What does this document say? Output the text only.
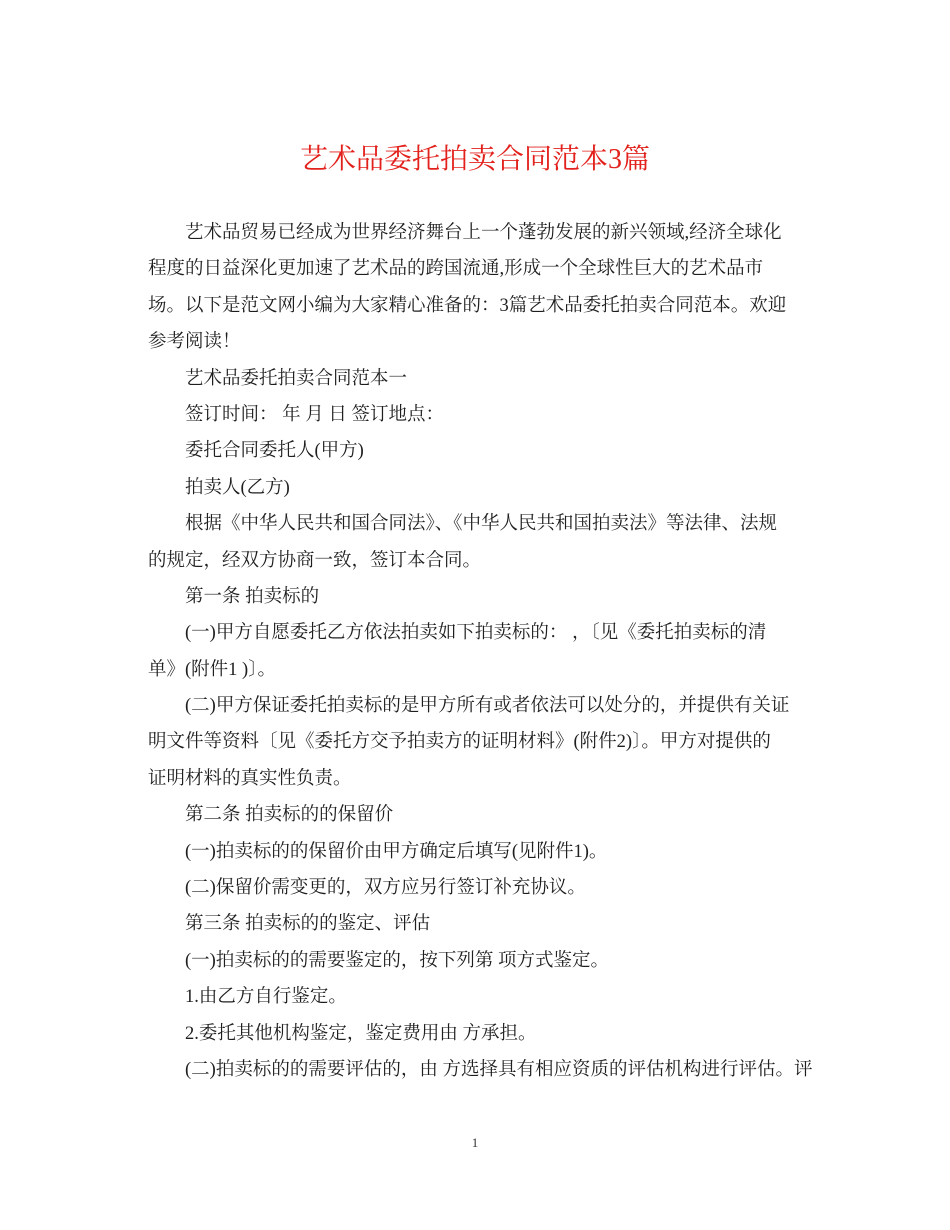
艺术品委托拍卖合同范本3篇
艺术品贸易已经成为世界经济舞台上一个蓬勃发展的新兴领域,经济全球化
程度的日益深化更加速了艺术品的跨国流通,形成一个全球性巨大的艺术品市
场。以下是范文网小编为大家精心准备的：3篇艺术品委托拍卖合同范本。欢迎
参考阅读！
艺术品委托拍卖合同范本一
签订时间： 年 月 日 签订地点：
委托合同委托人(甲方)
拍卖人(乙方)
根据《中华人民共和国合同法》、《中华人民共和国拍卖法》等法律、法规
的规定，经双方协商一致，签订本合同。
第一条 拍卖标的
(一)甲方自愿委托乙方依法拍卖如下拍卖标的： ，〔见《委托拍卖标的清
单》(附件1 )〕。
(二)甲方保证委托拍卖标的是甲方所有或者依法可以处分的，并提供有关证
明文件等资料〔见《委托方交予拍卖方的证明材料》(附件2)〕。甲方对提供的
证明材料的真实性负责。
第二条 拍卖标的的保留价
(一)拍卖标的的保留价由甲方确定后填写(见附件1)。
(二)保留价需变更的，双方应另行签订补充协议。
第三条 拍卖标的的鉴定、评估
(一)拍卖标的的需要鉴定的，按下列第 项方式鉴定。
1.由乙方自行鉴定。
2.委托其他机构鉴定，鉴定费用由 方承担。
(二)拍卖标的的需要评估的，由 方选择具有相应资质的评估机构进行评估。评
1
